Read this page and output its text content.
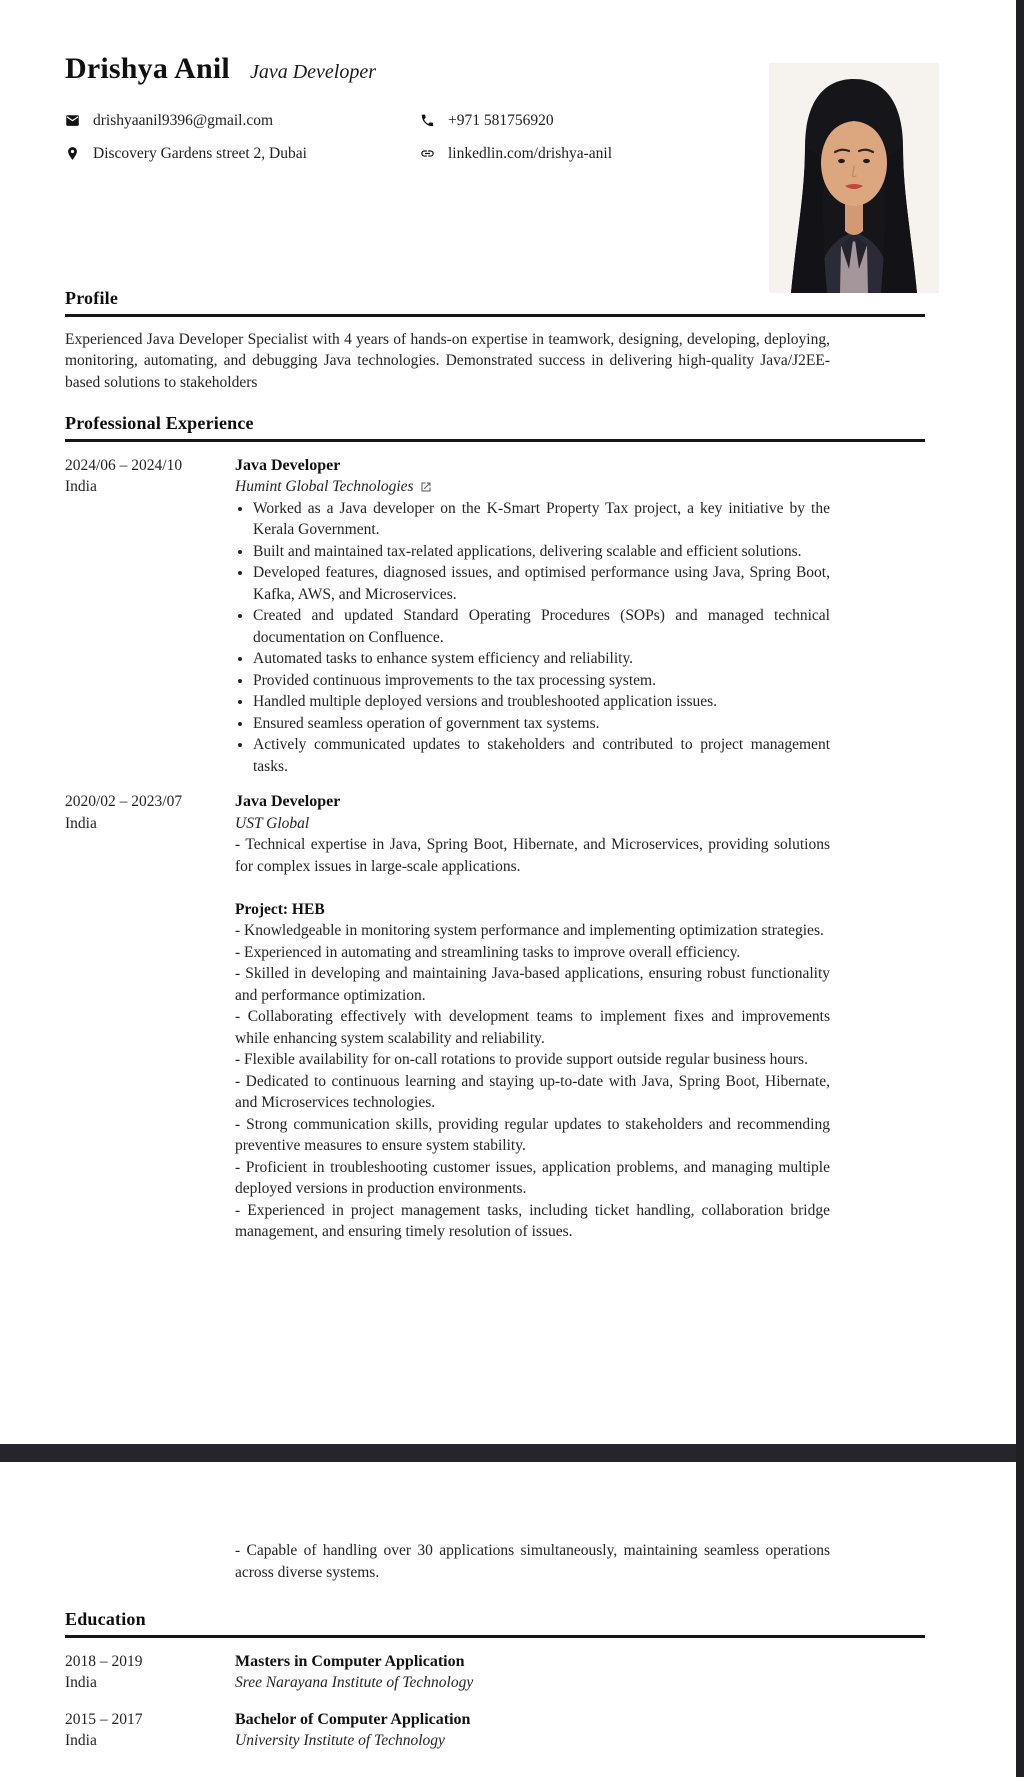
Drishya Anil Java Developer
drishyaanil9396@gmail.com	+971 581756920
Discovery Gardens street 2, Dubai	linkedlin.com/drishya-anil
Profile

Experienced Java Developer Specialist with 4 years of hands-on expertise in teamwork, designing, developing, deploying, monitoring, automating, and debugging Java technologies. Demonstrated success in delivering high-quality Java/J2EE-based solutions to stakeholders

Professional Experience
2024/06 – 2024/10
India
Java Developer
Humint Global Technologies
• Worked as a Java developer on the K-Smart Property Tax project, a key initiative by the Kerala Government.
• Built and maintained tax-related applications, delivering scalable and efficient solutions.
• Developed features, diagnosed issues, and optimised performance using Java, Spring Boot, Kafka, AWS, and Microservices.
• Created and updated Standard Operating Procedures (SOPs) and managed technical documentation on Confluence.
• Automated tasks to enhance system efficiency and reliability.
• Provided continuous improvements to the tax processing system.
• Handled multiple deployed versions and troubleshooted application issues.
• Ensured seamless operation of government tax systems.
• Actively communicated updates to stakeholders and contributed to project management tasks.
2020/02 – 2023/07
India
Java Developer
UST Global

- Technical expertise in Java, Spring Boot, Hibernate, and Microservices, providing solutions for complex issues in large-scale applications.

Project: HEB

- Knowledgeable in monitoring system performance and implementing optimization strategies.

- Experienced in automating and streamlining tasks to improve overall efficiency.

- Skilled in developing and maintaining Java-based applications, ensuring robust functionality and performance optimization.

- Collaborating effectively with development teams to implement fixes and improvements while enhancing system scalability and reliability.

- Flexible availability for on-call rotations to provide support outside regular business hours.

- Dedicated to continuous learning and staying up-to-date with Java, Spring Boot, Hibernate, and Microservices technologies.

- Strong communication skills, providing regular updates to stakeholders and recommending preventive measures to ensure system stability.

- Proficient in troubleshooting customer issues, application problems, and managing multiple deployed versions in production environments.

- Experienced in project management tasks, including ticket handling, collaboration bridge management, and ensuring timely resolution of issues.

- Capable of handling over 30 applications simultaneously, maintaining seamless operations across diverse systems.

Education
2018 – 2019
India
Masters in Computer Application
Sree Narayana Institute of Technology
2015 – 2017
India
Bachelor of Computer Application
University Institute of Technology
